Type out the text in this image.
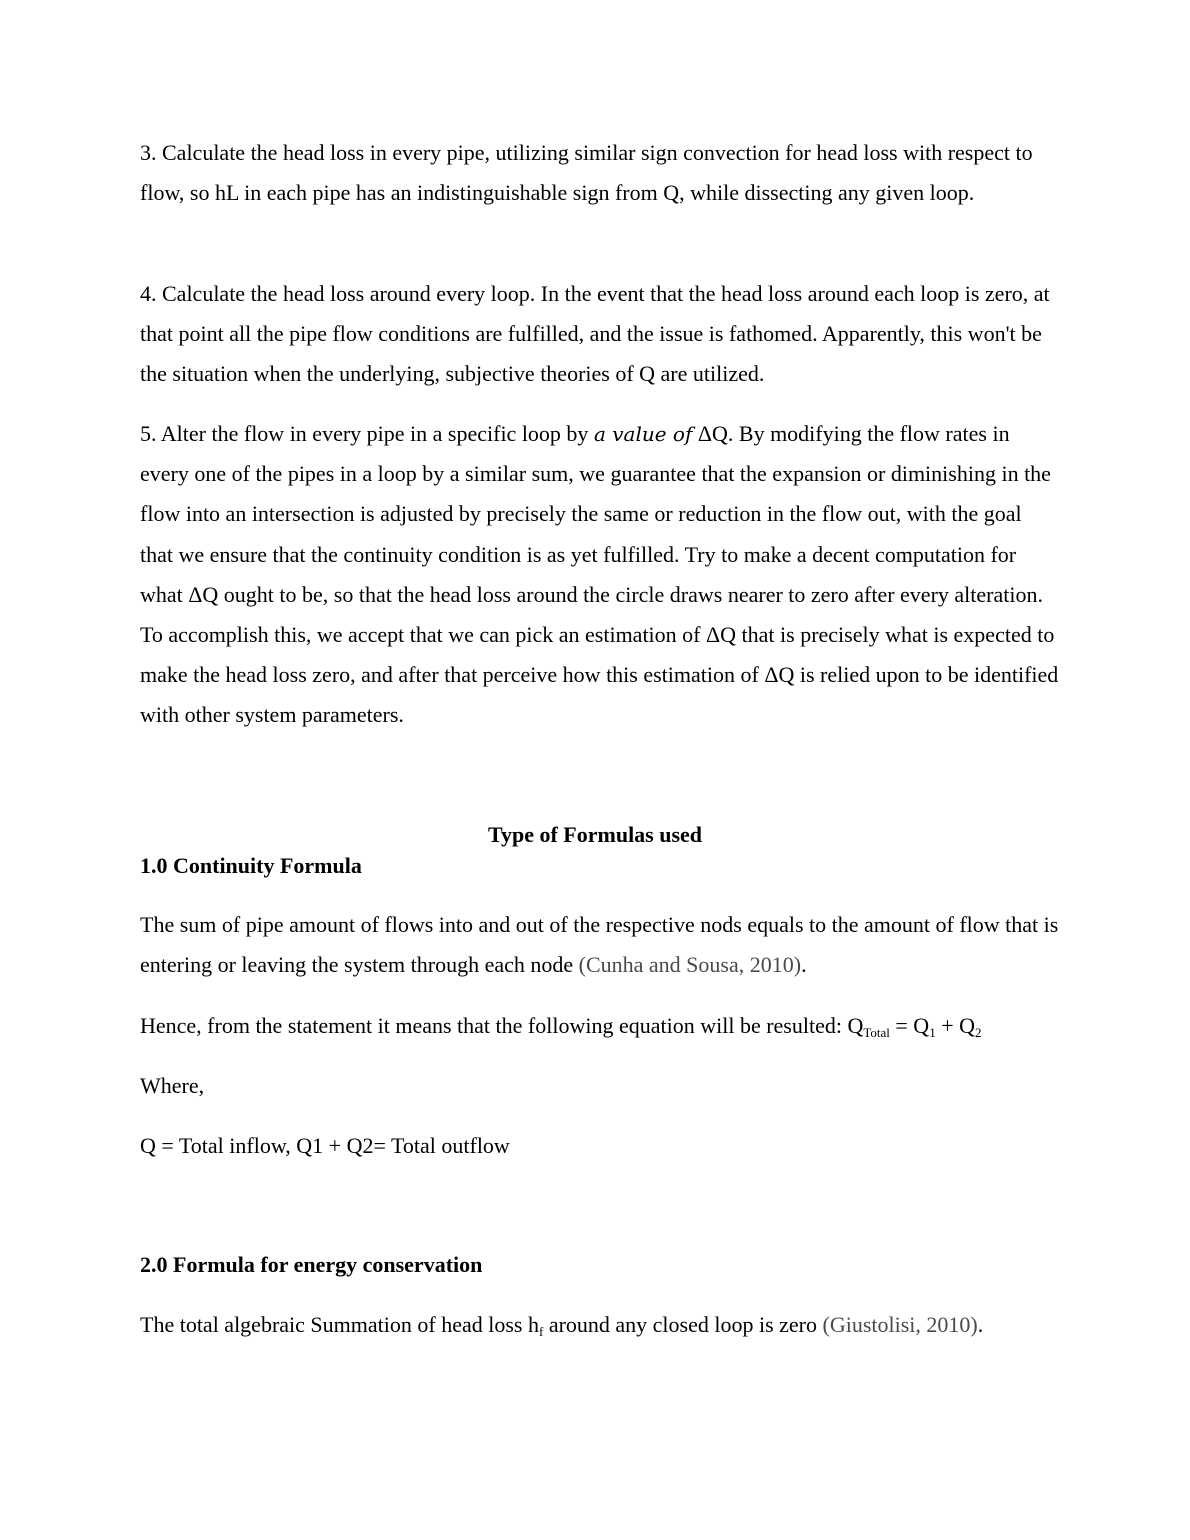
3. Calculate the head loss in every pipe, utilizing similar sign convection for head loss with respect to flow, so hL in each pipe has an indistinguishable sign from Q, while dissecting any given loop.

4. Calculate the head loss around every loop. In the event that the head loss around each loop is zero, at that point all the pipe flow conditions are fulfilled, and the issue is fathomed. Apparently, this won't be the situation when the underlying, subjective theories of Q are utilized.

5. Alter the flow in every pipe in a specific loop by a value of ΔQ. By modifying the flow rates in every one of the pipes in a loop by a similar sum, we guarantee that the expansion or diminishing in the flow into an intersection is adjusted by precisely the same or reduction in the flow out, with the goal that we ensure that the continuity condition is as yet fulfilled. Try to make a decent computation for what ΔQ ought to be, so that the head loss around the circle draws nearer to zero after every alteration. To accomplish this, we accept that we can pick an estimation of ΔQ that is precisely what is expected to make the head loss zero, and after that perceive how this estimation of ΔQ is relied upon to be identified with other system parameters.

Type of Formulas used

1.0 Continuity Formula

The sum of pipe amount of flows into and out of the respective nods equals to the amount of flow that is entering or leaving the system through each node (Cunha and Sousa, 2010).

Hence, from the statement it means that the following equation will be resulted: $Q_{Total} = Q_1 + Q_2$

Where,

Q = Total inflow, Q1 + Q2= Total outflow

2.0 Formula for energy conservation

The total algebraic Summation of head loss $h_f$ around any closed loop is zero (Giustolisi, 2010).
